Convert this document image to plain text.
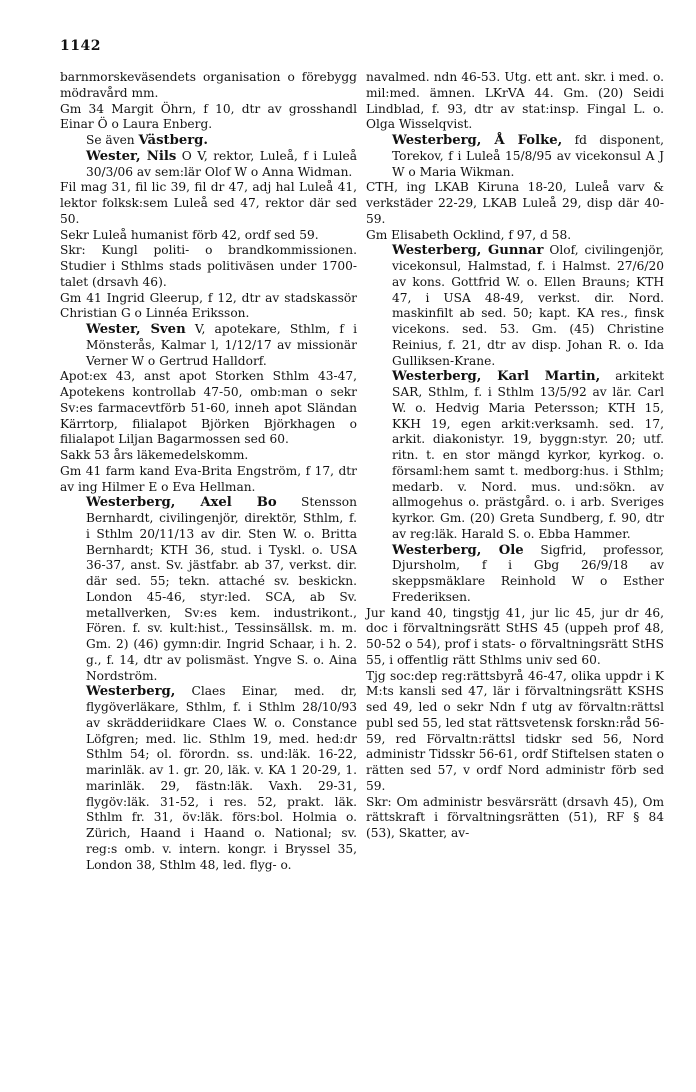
1142

barnmorskeväsendets organisation o förebygg mödravård mm.

Gm 34 Margit Öhrn, f 10, dtr av grosshandl Einar Ö o Laura Enberg.

Se även Västberg.

Wester, Nils O V, rektor, Luleå, f i Luleå 30/3/06 av sem:lär Olof W o Anna Widman.

Fil mag 31, fil lic 39, fil dr 47, adj hal Luleå 41, lektor folksk:sem Luleå sed 47, rektor där sed 50.

Sekr Luleå humanist förb 42, ordf sed 59.

Skr: Kungl politi- o brandkommissionen. Studier i Sthlms stads politiväsen under 1700-talet (drsavh 46).

Gm 41 Ingrid Gleerup, f 12, dtr av stadskassör Christian G o Linnéa Eriksson.

Wester, Sven V, apotekare, Sthlm, f i Mönsterås, Kalmar l, 1/12/17 av missionär Verner W o Gertrud Halldorf.

Apot:ex 43, anst apot Storken Sthlm 43-47, Apotekens kontrollab 47-50, omb:man o sekr Sv:es farmacevtförb 51-60, inneh apot Sländan Kärrtorp, filialapot Björken Björkhagen o filialapot Liljan Bagarmossen sed 60.

Sakk 53 års läkemedelskomm.

Gm 41 farm kand Eva-Brita Engström, f 17, dtr av ing Hilmer E o Eva Hellman.

Westerberg, Axel Bo Stensson Bernhardt, civilingenjör, direktör, Sthlm, f. i Sthlm 20/11/13 av dir. Sten W. o. Britta Bernhardt; KTH 36, stud. i Tyskl. o. USA 36-37, anst. Sv. jästfabr. ab 37, verkst. dir. där sed. 55; tekn. attaché sv. beskickn. London 45-46, styr:led. SCA, ab Sv. metallverken, Sv:es kem. industrikont., Fören. f. sv. kult:hist., Tessinsällsk. m. m. Gm. 2) (46) gymn:dir. Ingrid Schaar, i h. 2. g., f. 14, dtr av polismäst. Yngve S. o. Aina Nordström.

Westerberg, Claes Einar, med. dr, flygöverläkare, Sthlm, f. i Sthlm 28/10/93 av skrädderiidkare Claes W. o. Constance Löfgren; med. lic. Sthlm 19, med. hed:dr Sthlm 54; ol. förordn. ss. und:läk. 16-22, marinläk. av 1. gr. 20, läk. v. KA 1 20-29, 1. marinläk. 29, fästn:läk. Vaxh. 29-31, flygöv:läk. 31-52, i res. 52, prakt. läk. Sthlm fr. 31, öv:läk. förs:bol. Holmia o. Zürich, Haand i Haand o. National; sv. reg:s omb. v. intern. kongr. i Bryssel 35, London 38, Sthlm 48, led. flyg- o.

navalmed. ndn 46-53. Utg. ett ant. skr. i med. o. mil:med. ämnen. LKrVA 44. Gm. (20) Seidi Lindblad, f. 93, dtr av stat:insp. Fingal L. o. Olga Wisselqvist.

Westerberg, Å Folke, fd disponent, Torekov, f i Luleå 15/8/95 av vicekonsul A J W o Maria Wikman.

CTH, ing LKAB Kiruna 18-20, Luleå varv & verkstäder 22-29, LKAB Luleå 29, disp där 40-59.

Gm Elisabeth Ocklind, f 97, d 58.

Westerberg, Gunnar Olof, civilingenjör, vicekonsul, Halmstad, f. i Halmst. 27/6/20 av kons. Gottfrid W. o. Ellen Brauns; KTH 47, i USA 48-49, verkst. dir. Nord. maskinfilt ab sed. 50; kapt. KA res., finsk vicekons. sed. 53. Gm. (45) Christine Reinius, f. 21, dtr av disp. Johan R. o. Ida Gulliksen-Krane.

Westerberg, Karl Martin, arkitekt SAR, Sthlm, f. i Sthlm 13/5/92 av lär. Carl W. o. Hedvig Maria Petersson; KTH 15, KKH 19, egen arkit:verksamh. sed. 17, arkit. diakonistyr. 19, byggn:styr. 20; utf. ritn. t. en stor mängd kyrkor, kyrkog. o. församl:hem samt t. medborg:hus. i Sthlm; medarb. v. Nord. mus. und:sökn. av allmogehus o. prästgård. o. i arb. Sveriges kyrkor. Gm. (20) Greta Sundberg, f. 90, dtr av reg:läk. Harald S. o. Ebba Hammer.

Westerberg, Ole Sigfrid, professor, Djursholm, f i Gbg 26/9/18 av skeppsmäklare Reinhold W o Esther Frederiksen.

Jur kand 40, tingstjg 41, jur lic 45, jur dr 46, doc i förvaltningsrätt StHS 45 (uppeh prof 48, 50-52 o 54), prof i stats- o förvaltningsrätt StHS 55, i offentlig rätt Sthlms univ sed 60.

Tjg soc:dep reg:rättsbyrå 46-47, olika uppdr i K M:ts kansli sed 47, lär i förvaltningsrätt KSHS sed 49, led o sekr Ndn f utg av förvaltn:rättsl publ sed 55, led stat rättsvetensk forskn:råd 56-59, red Förvaltn:rättsl tidskr sed 56, Nord administr Tidsskr 56-61, ordf Stiftelsen staten o rätten sed 57, v ordf Nord administr förb sed 59.

Skr: Om administr besvärsrätt (drsavh 45), Om rättskraft i förvaltningsrätten (51), RF § 84 (53), Skatter, av-
